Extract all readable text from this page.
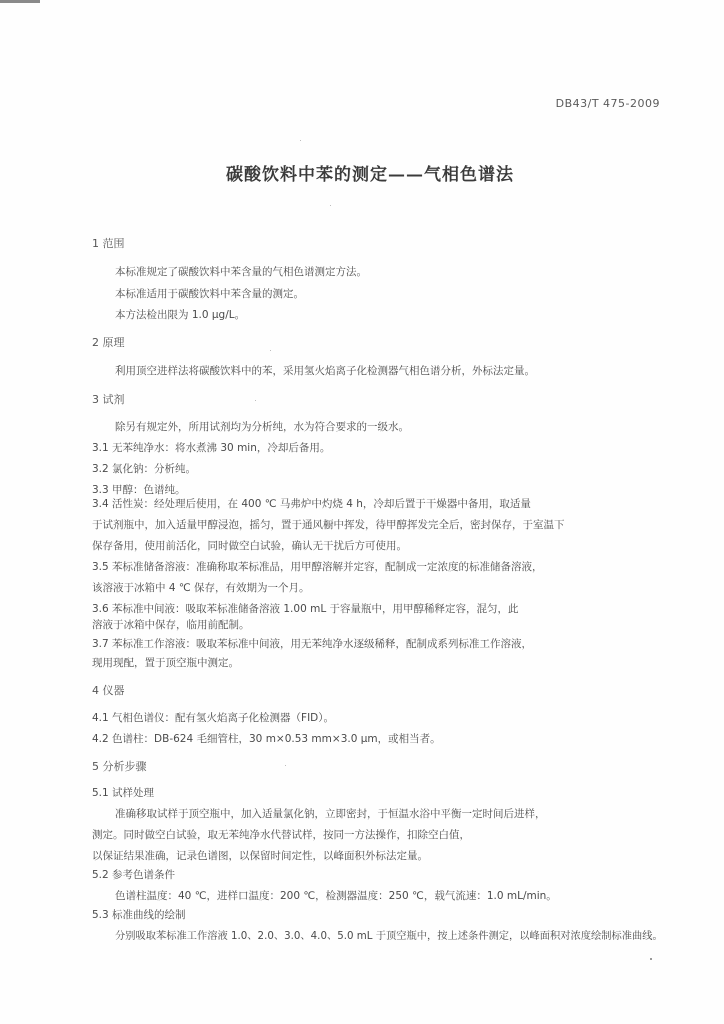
DB43/T 475-2009
碳酸饮料中苯的测定——气相色谱法
1 范围
本标准规定了碳酸饮料中苯含量的气相色谱测定方法。
本标准适用于碳酸饮料中苯含量的测定。
本方法检出限为 1.0 μg/L。
2 原理
利用顶空进样法将碳酸饮料中的苯，采用氢火焰离子化检测器气相色谱分析，外标法定量。
3 试剂
除另有规定外，所用试剂均为分析纯，水为符合要求的一级水。
3.1 无苯纯净水：将水煮沸 30 min，冷却后备用。
3.2 氯化钠：分析纯。
3.3 甲醇：色谱纯。
3.4 活性炭：经处理后使用，在 400 ℃ 马弗炉中灼烧 4 h，冷却后置于干燥器中备用，取适量
于试剂瓶中，加入适量甲醇浸泡，摇匀，置于通风橱中挥发，待甲醇挥发完全后，密封保存，于室温下
保存备用，使用前活化，同时做空白试验，确认无干扰后方可使用。
3.5 苯标准储备溶液：准确称取苯标准品，用甲醇溶解并定容，配制成一定浓度的标准储备溶液，
该溶液于冰箱中 4 ℃ 保存，有效期为一个月。
3.6 苯标准中间液：吸取苯标准储备溶液 1.00 mL 于容量瓶中，用甲醇稀释定容，混匀，此
溶液于冰箱中保存，临用前配制。
3.7 苯标准工作溶液：吸取苯标准中间液，用无苯纯净水逐级稀释，配制成系列标准工作溶液，
现用现配，置于顶空瓶中测定。
4 仪器
4.1 气相色谱仪：配有氢火焰离子化检测器（FID）。
4.2 色谱柱：DB-624 毛细管柱，30 m×0.53 mm×3.0 μm，或相当者。
5 分析步骤
5.1 试样处理
准确移取试样于顶空瓶中，加入适量氯化钠，立即密封，于恒温水浴中平衡一定时间后进样，
测定。同时做空白试验，取无苯纯净水代替试样，按同一方法操作，扣除空白值，
以保证结果准确，记录色谱图，以保留时间定性，以峰面积外标法定量。
5.2 参考色谱条件
色谱柱温度：40 ℃，进样口温度：200 ℃，检测器温度：250 ℃，载气流速：1.0 mL/min。
5.3 标准曲线的绘制
分别吸取苯标准工作溶液 1.0、2.0、3.0、4.0、5.0 mL 于顶空瓶中，按上述条件测定，以峰面积对浓度绘制标准曲线。
